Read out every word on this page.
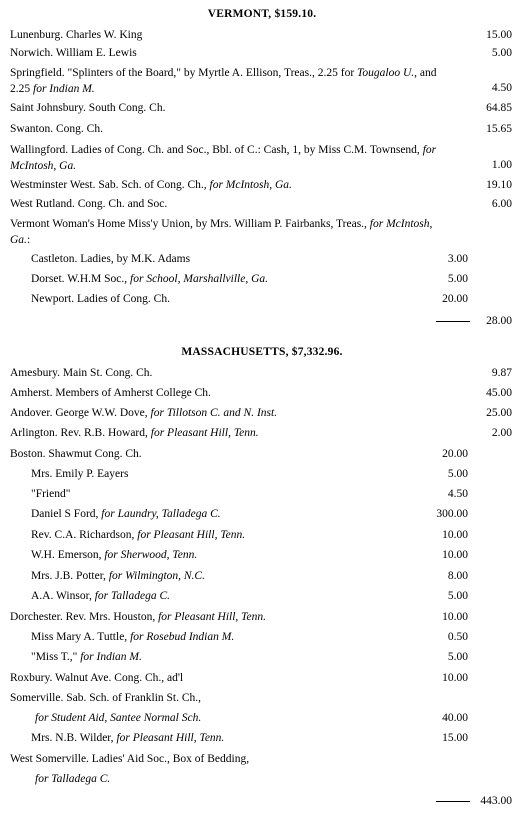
VERMONT, $159.10.
Lunenburg. Charles W. King	15.00
Norwich. William E. Lewis	5.00
Springfield. "Splinters of the Board," by Myrtle A. Ellison, Treas., 2.25 for Tougaloo U., and 2.25 for Indian M.	4.50
Saint Johnsbury. South Cong. Ch.	64.85
Swanton. Cong. Ch.	15.65
Wallingford. Ladies of Cong. Ch. and Soc., Bbl. of C.: Cash, 1, by Miss C.M. Townsend, for McIntosh, Ga.	1.00
Westminster West. Sab. Sch. of Cong. Ch., for McIntosh, Ga.	19.10
West Rutland. Cong. Ch. and Soc.	6.00
Vermont Woman's Home Miss'y Union, by Mrs. William P. Fairbanks, Treas., for McIntosh, Ga.:
Castleton. Ladies, by M.K. Adams	3.00
Dorset. W.H.M Soc., for School, Marshallville, Ga.	5.00
Newport. Ladies of Cong. Ch.	20.00
28.00
MASSACHUSETTS, $7,332.96.
Amesbury. Main St. Cong. Ch.	9.87
Amherst. Members of Amherst College Ch.	45.00
Andover. George W.W. Dove, for Tillotson C. and N. Inst.	25.00
Arlington. Rev. R.B. Howard, for Pleasant Hill, Tenn.	2.00
Boston. Shawmut Cong. Ch.	20.00
Mrs. Emily P. Eayers	5.00
"Friend"	4.50
Daniel S Ford, for Laundry, Talladega C.	300.00
Rev. C.A. Richardson, for Pleasant Hill, Tenn.	10.00
W.H. Emerson, for Sherwood, Tenn.	10.00
Mrs. J.B. Potter, for Wilmington, N.C.	8.00
A.A. Winsor, for Talladega C.	5.00
Dorchester. Rev. Mrs. Houston, for Pleasant Hill, Tenn.	10.00
Miss Mary A. Tuttle, for Rosebud Indian M.	0.50
"Miss T.," for Indian M.	5.00
Roxbury. Walnut Ave. Cong. Ch., ad'l	10.00
Somerville. Sab. Sch. of Franklin St. Ch.,
for Student Aid, Santee Normal Sch.	40.00
Mrs. N.B. Wilder, for Pleasant Hill, Tenn.	15.00
West Somerville. Ladies' Aid Soc., Box of Bedding,
for Talladega C.
443.00
